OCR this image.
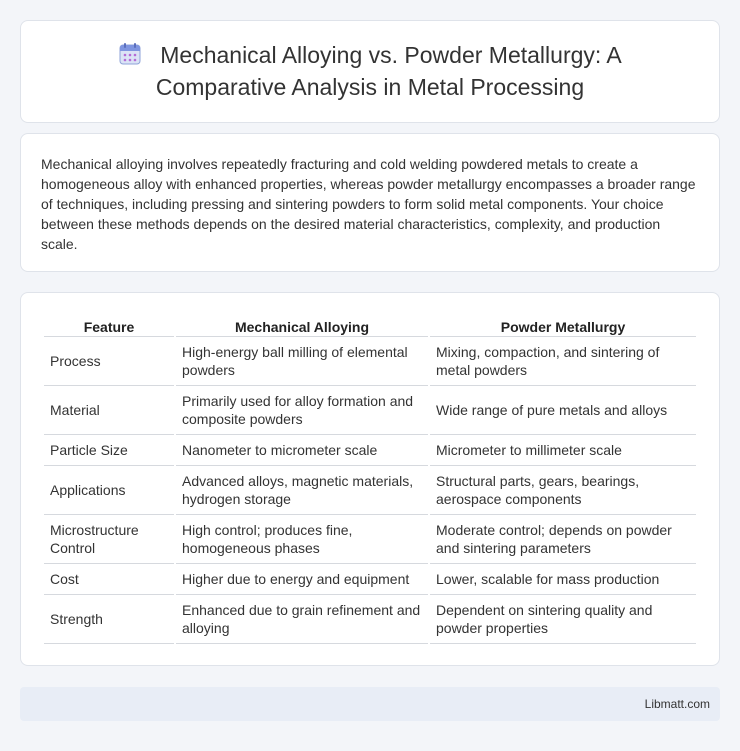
Mechanical Alloying vs. Powder Metallurgy: A Comparative Analysis in Metal Processing

Mechanical alloying involves repeatedly fracturing and cold welding powdered metals to create a homogeneous alloy with enhanced properties, whereas powder metallurgy encompasses a broader range of techniques, including pressing and sintering powders to form solid metal components. Your choice between these methods depends on the desired material characteristics, complexity, and production scale.

Feature	Mechanical Alloying	Powder Metallurgy
Process	High-energy ball milling of elemental powders	Mixing, compaction, and sintering of metal powders
Material	Primarily used for alloy formation and composite powders	Wide range of pure metals and alloys
Particle Size	Nanometer to micrometer scale	Micrometer to millimeter scale
Applications	Advanced alloys, magnetic materials, hydrogen storage	Structural parts, gears, bearings, aerospace components
Microstructure Control	High control; produces fine, homogeneous phases	Moderate control; depends on powder and sintering parameters
Cost	Higher due to energy and equipment	Lower, scalable for mass production
Strength	Enhanced due to grain refinement and alloying	Dependent on sintering quality and powder properties
Libmatt.com
